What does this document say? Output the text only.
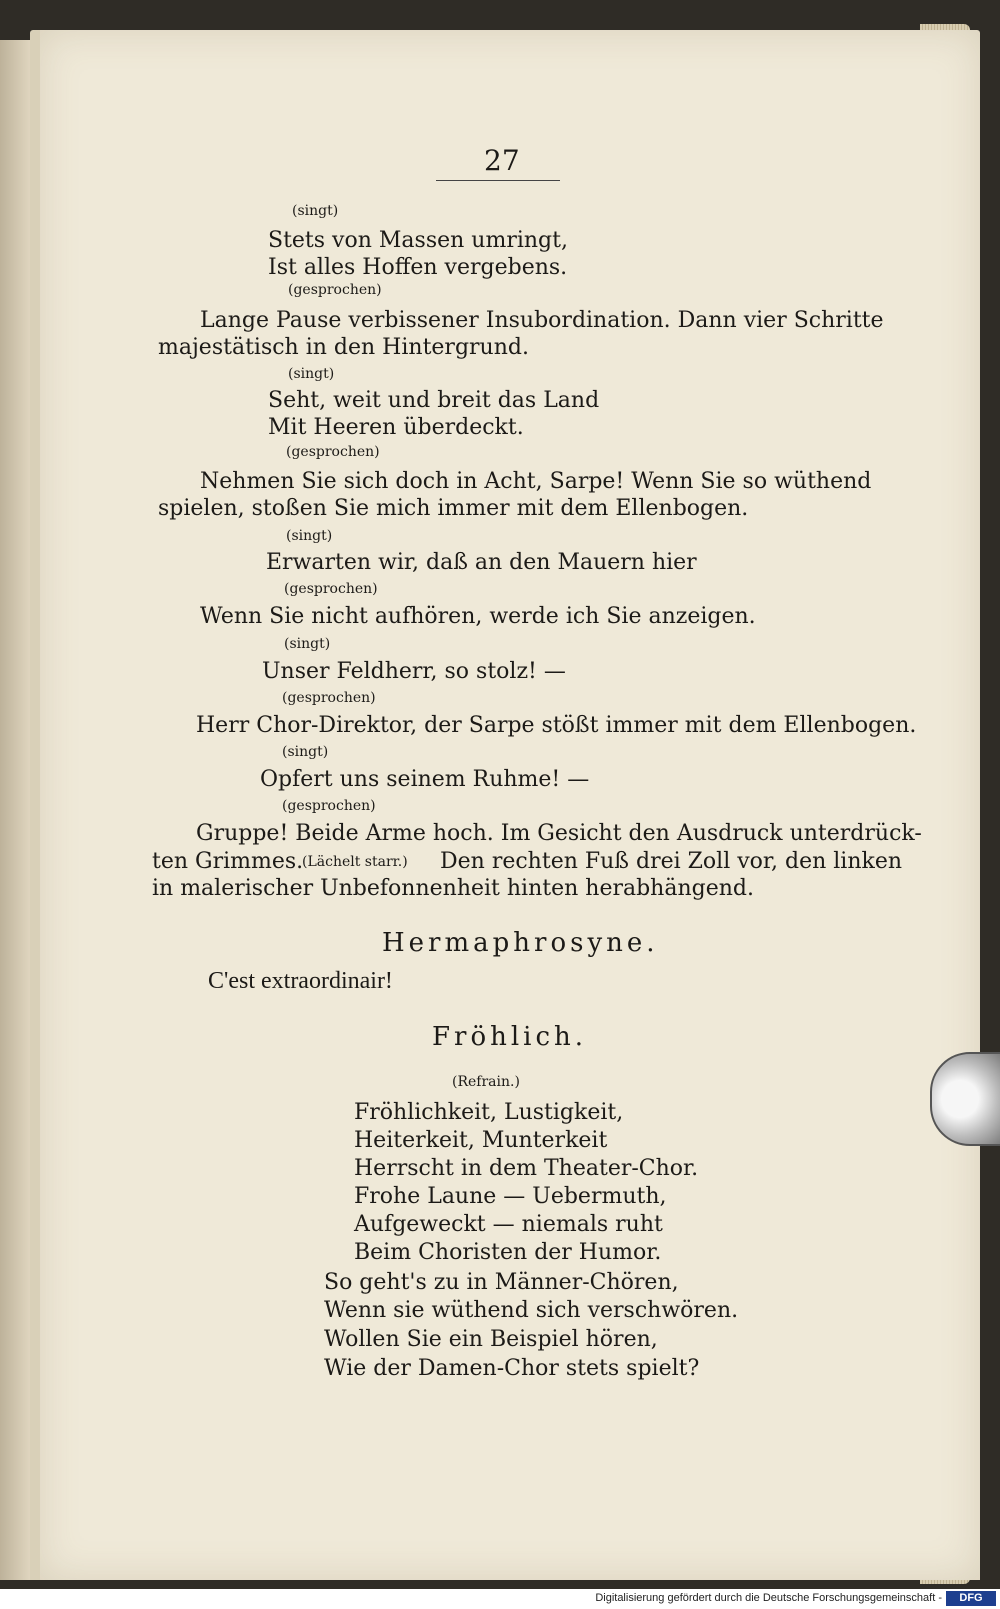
27
(singt)
Stets von Massen umringt,
Ist alles Hoffen vergebens.
(gesprochen)
Lange Pause verbissener Insubordination. Dann vier Schritte
majestätisch in den Hintergrund.
(singt)
Seht, weit und breit das Land
Mit Heeren überdeckt.
(gesprochen)
Nehmen Sie sich doch in Acht, Sarpe! Wenn Sie so wüthend
spielen, stoßen Sie mich immer mit dem Ellenbogen.
(singt)
Erwarten wir, daß an den Mauern hier
(gesprochen)
Wenn Sie nicht aufhören, werde ich Sie anzeigen.
(singt)
Unser Feldherr, so stolz! —
(gesprochen)
Herr Chor-Direktor, der Sarpe stößt immer mit dem Ellenbogen.
(singt)
Opfert uns seinem Ruhme! —
(gesprochen)
Gruppe! Beide Arme hoch. Im Gesicht den Ausdruck unterdrück-
ten Grimmes.
(Lächelt starr.) Den rechten Fuß drei Zoll vor, den linken
in malerischer Unbefonnenheit hinten herabhängend.
Hermaphrosyne.
C'est extraordinair!
Fröhlich.
(Refrain.)
Fröhlichkeit, Lustigkeit,
Heiterkeit, Munterkeit
Herrscht in dem Theater-Chor.
Frohe Laune — Uebermuth,
Aufgeweckt — niemals ruht
Beim Choristen der Humor.
So geht's zu in Männer-Chören,
Wenn sie wüthend sich verschwören.
Wollen Sie ein Beispiel hören,
Wie der Damen-Chor stets spielt?
Digitalisierung gefördert durch die Deutsche Forschungsgemeinschaft -	DFG
